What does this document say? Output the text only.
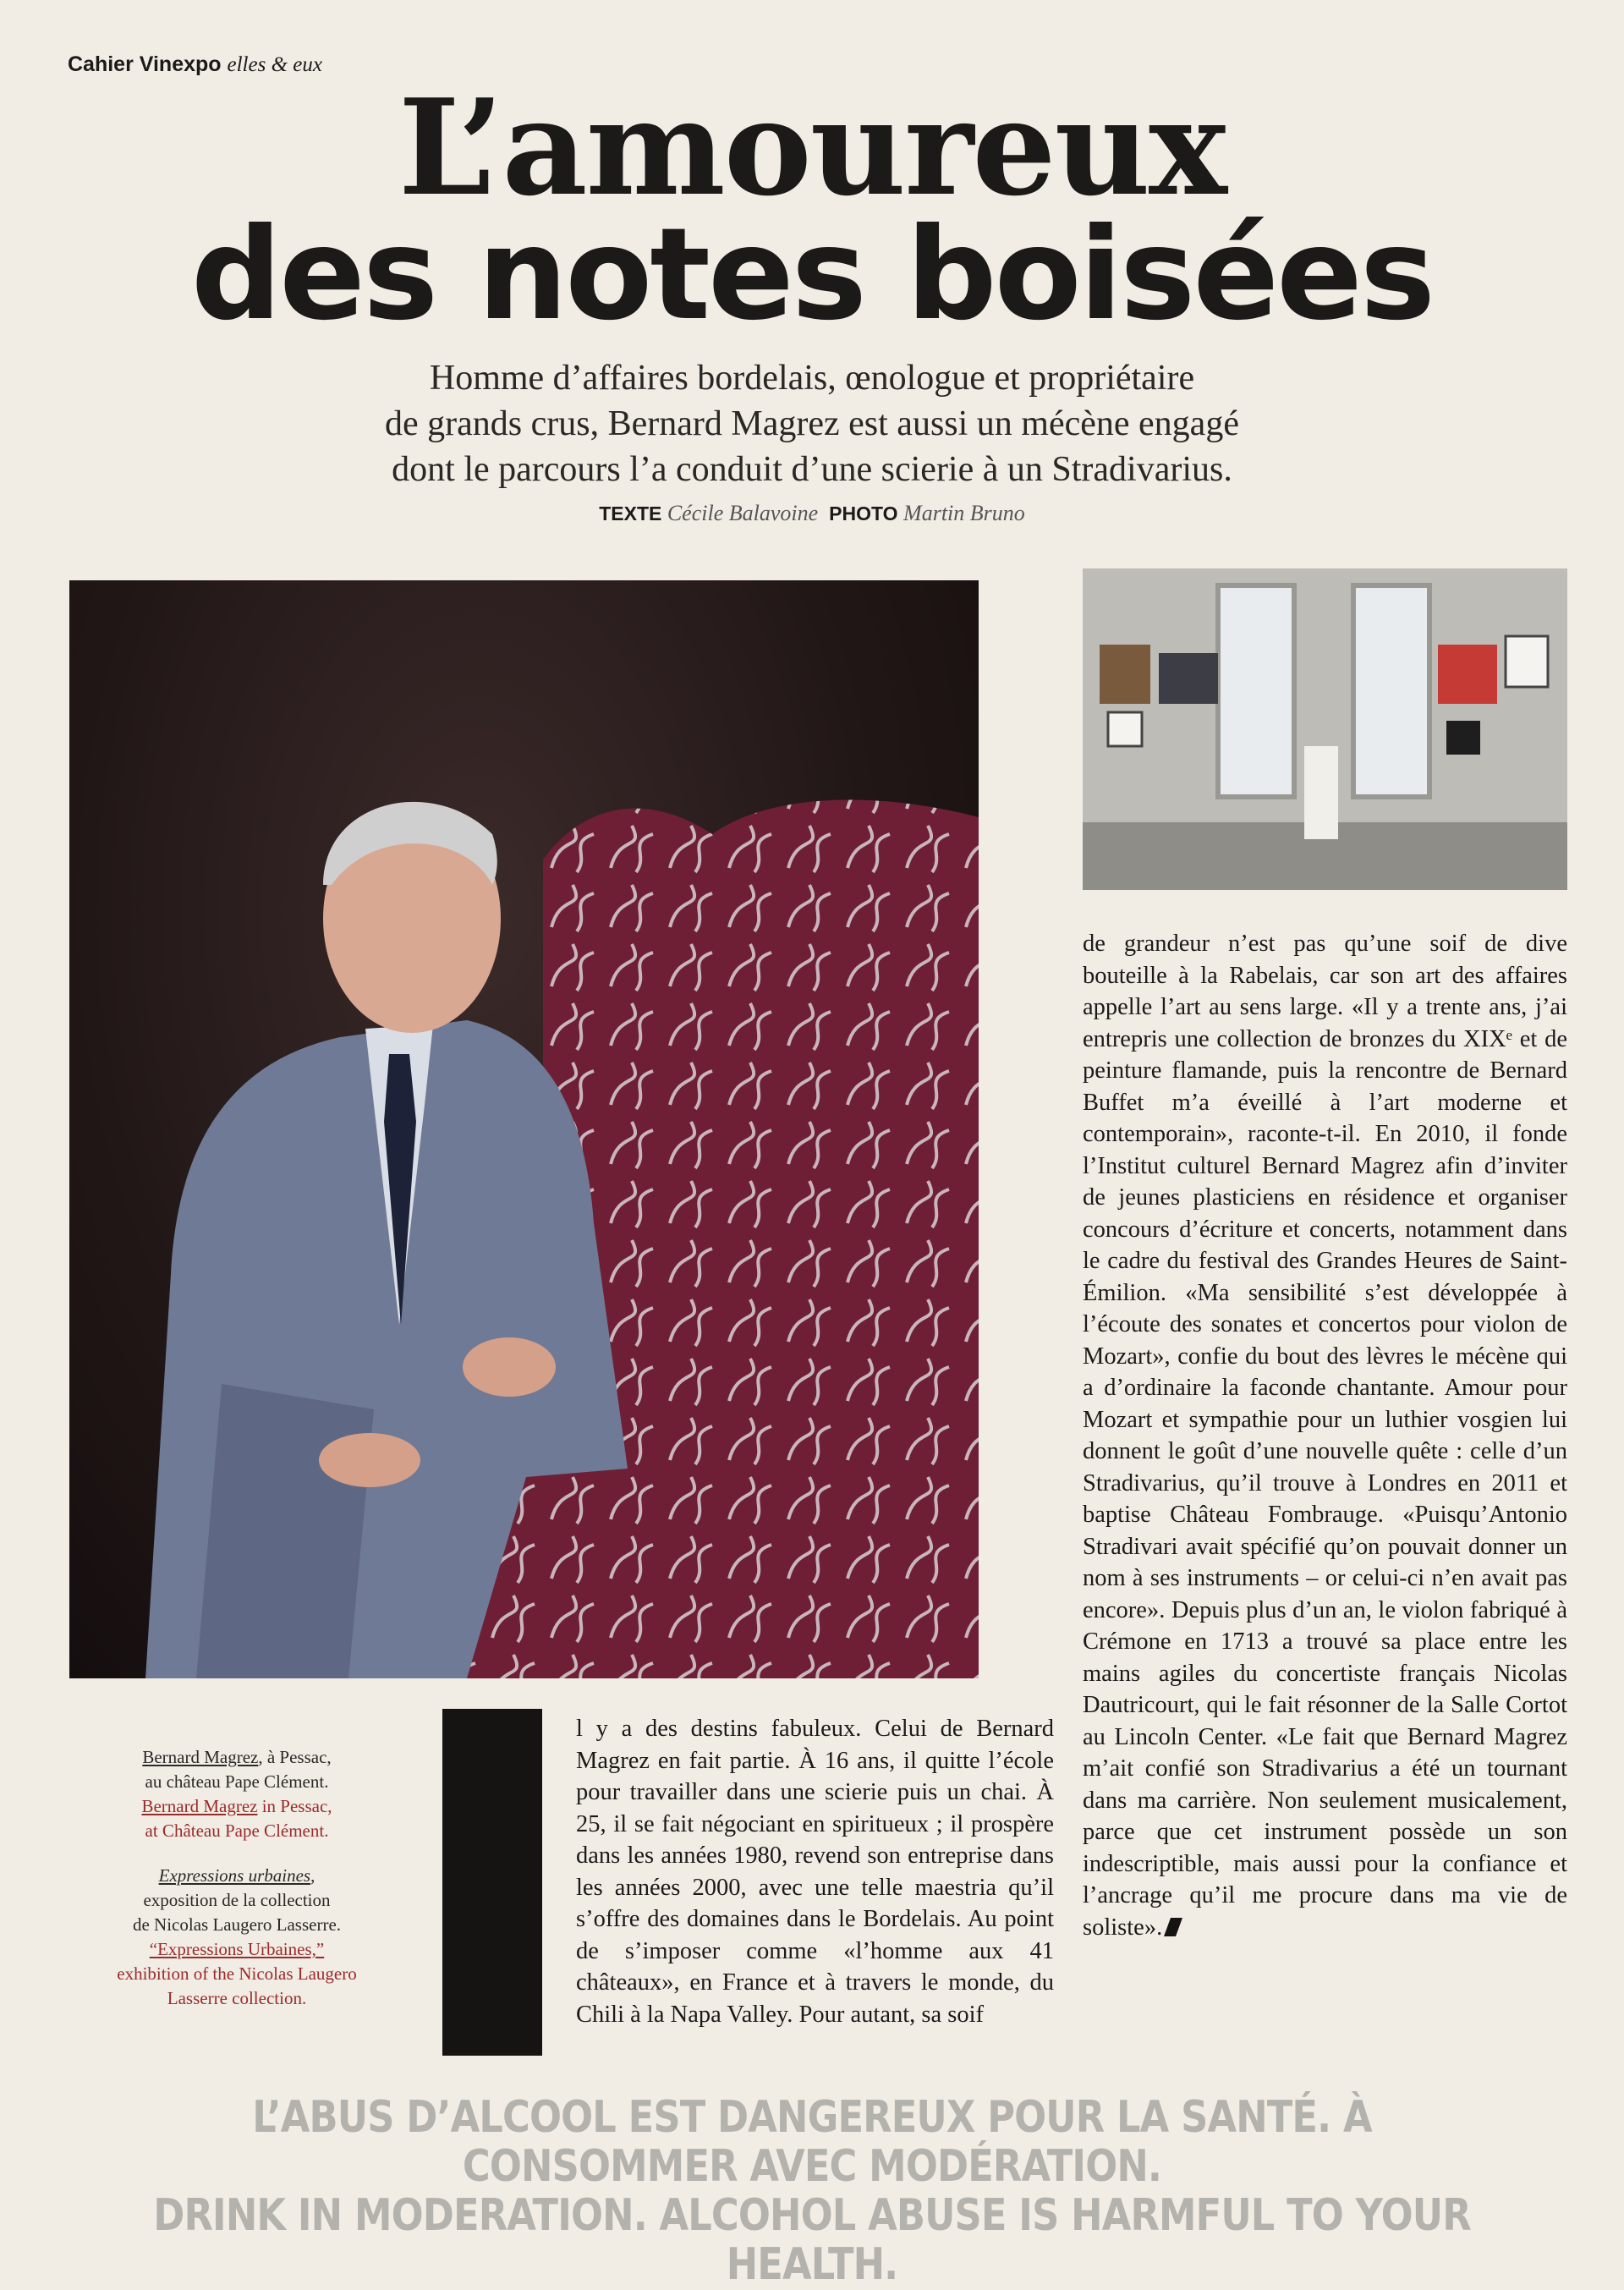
Cahier Vinexpo elles & eux
L’amoureux
des notes boisées
Homme d’affaires bordelais, œnologue et propriétaire
de grands crus, Bernard Magrez est aussi un mécène engagé
dont le parcours l’a conduit d’une scierie à un Stradivarius.
TEXTE Cécile Balavoine PHOTO Martin Bruno
Bernard Magrez, à Pessac,
au château Pape Clément.
Bernard Magrez in Pessac,
at Château Pape Clément.
Expressions urbaines,
exposition de la collection
de Nicolas Laugero Lasserre.
“Expressions Urbaines,”
exhibition of the Nicolas Laugero
Lasserre collection.
l y a des destins fabuleux. Celui de Bernard Magrez en fait partie. À 16 ans, il quitte l’école pour travailler dans une scierie puis un chai. À 25, il se fait négociant en spiritueux ; il prospère dans les années 1980, revend son entreprise dans les années 2000, avec une telle maestria qu’il s’offre des domaines dans le Bordelais. Au point de s’imposer comme «l’homme aux 41 châteaux», en France et à travers le monde, du Chili à la Napa Valley. Pour autant, sa soif
de grandeur n’est pas qu’une soif de dive bouteille à la Rabelais, car son art des affaires appelle l’art au sens large. «Il y a trente ans, j’ai entrepris une collection de bronzes du XIXᵉ et de peinture flamande, puis la rencontre de Bernard Buffet m’a éveillé à l’art moderne et contemporain», raconte-t-il. En 2010, il fonde l’Institut culturel Bernard Magrez afin d’inviter de jeunes plasticiens en résidence et organiser concours d’écriture et concerts, notamment dans le cadre du festival des Grandes Heures de Saint-Émilion. «Ma sensibilité s’est développée à l’écoute des sonates et concertos pour violon de Mozart», confie du bout des lèvres le mécène qui a d’ordinaire la faconde chantante. Amour pour Mozart et sympathie pour un luthier vosgien lui donnent le goût d’une nouvelle quête : celle d’un Stradivarius, qu’il trouve à Londres en 2011 et baptise Château Fombrauge. «Puisqu’Antonio Stradivari avait spécifié qu’on pouvait donner un nom à ses instruments – or celui-ci n’en avait pas encore». Depuis plus d’un an, le violon fabriqué à Crémone en 1713 a trouvé sa place entre les mains agiles du concertiste français Nicolas Dautricourt, qui le fait résonner de la Salle Cortot au Lincoln Center. «Le fait que Bernard Magrez m’ait confié son Stradivarius a été un tournant dans ma carrière. Non seulement musicalement, parce que cet instrument possède un son indescriptible, mais aussi pour la confiance et l’ancrage qu’il me procure dans ma vie de soliste».
L’ABUS D’ALCOOL EST DANGEREUX POUR LA SANTÉ. À CONSOMMER AVEC MODÉRATION.
DRINK IN MODERATION. ALCOHOL ABUSE IS HARMFUL TO YOUR HEALTH.
